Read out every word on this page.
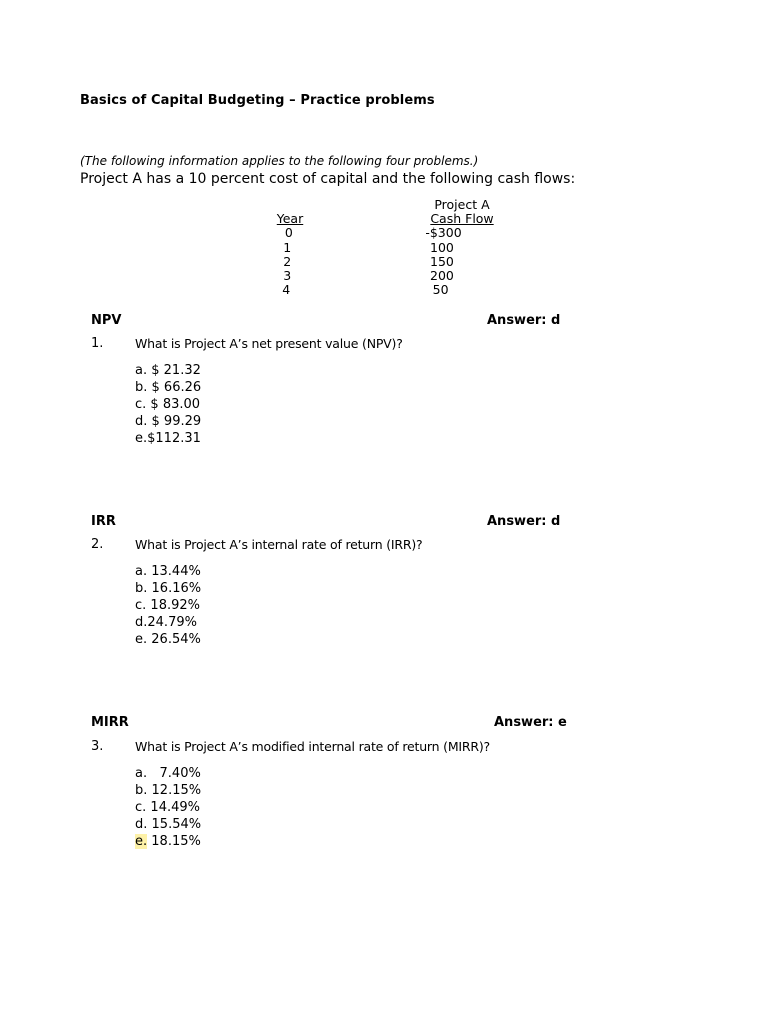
Basics of Capital Budgeting – Practice problems
(The following information applies to the following four problems.)
Project A has a 10 percent cost of capital and the following cash flows:
Project A
Year	Cash Flow
0	-$300
1	100
2	150
3	200
4	50
NPV	Answer: d
1.	What is Project A’s net present value (NPV)?
a. $ 21.32
b. $ 66.26
c. $ 83.00
d. $ 99.29
e.$112.31
IRR	Answer: d
2.	What is Project A’s internal rate of return (IRR)?
a. 13.44%
b. 16.16%
c. 18.92%
d.24.79%
e. 26.54%
MIRR	Answer: e
3.	What is Project A’s modified internal rate of return (MIRR)?
a.   7.40%
b. 12.15%
c. 14.49%
d. 15.54%
e. 18.15%
